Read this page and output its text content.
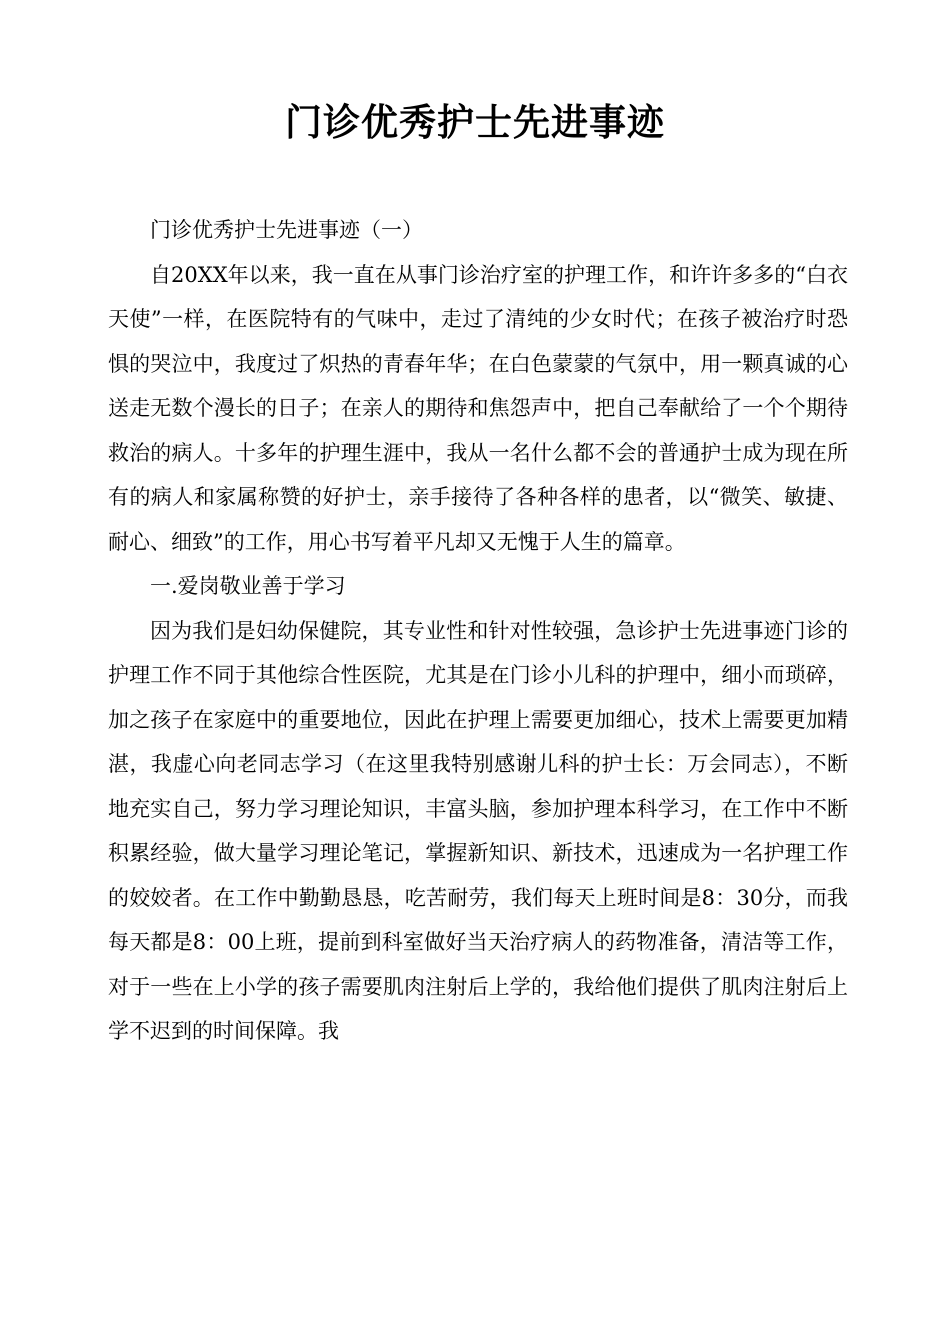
门诊优秀护士先进事迹

门诊优秀护士先进事迹（一）

自20XX年以来，我一直在从事门诊治疗室的护理工作，和许许多多的“白衣天使”一样，在医院特有的气味中，走过了清纯的少女时代；在孩子被治疗时恐惧的哭泣中，我度过了炽热的青春年华；在白色蒙蒙的气氛中，用一颗真诚的心送走无数个漫长的日子；在亲人的期待和焦怨声中，把自己奉献给了一个个期待救治的病人。十多年的护理生涯中，我从一名什么都不会的普通护士成为现在所有的病人和家属称赞的好护士，亲手接待了各种各样的患者，以“微笑、敏捷、耐心、细致”的工作，用心书写着平凡却又无愧于人生的篇章。

一.爱岗敬业善于学习

因为我们是妇幼保健院，其专业性和针对性较强，急诊护士先进事迹门诊的护理工作不同于其他综合性医院，尤其是在门诊小儿科的护理中，细小而琐碎，加之孩子在家庭中的重要地位，因此在护理上需要更加细心，技术上需要更加精湛，我虚心向老同志学习（在这里我特别感谢儿科的护士长：万会同志），不断地充实自己，努力学习理论知识，丰富头脑，参加护理本科学习，在工作中不断积累经验，做大量学习理论笔记，掌握新知识、新技术，迅速成为一名护理工作的姣姣者。在工作中勤勤恳恳，吃苦耐劳，我们每天上班时间是8：30分，而我每天都是8：00上班，提前到科室做好当天治疗病人的药物准备，清洁等工作，对于一些在上小学的孩子需要肌肉注射后上学的，我给他们提供了肌肉注射后上学不迟到的时间保障。我
